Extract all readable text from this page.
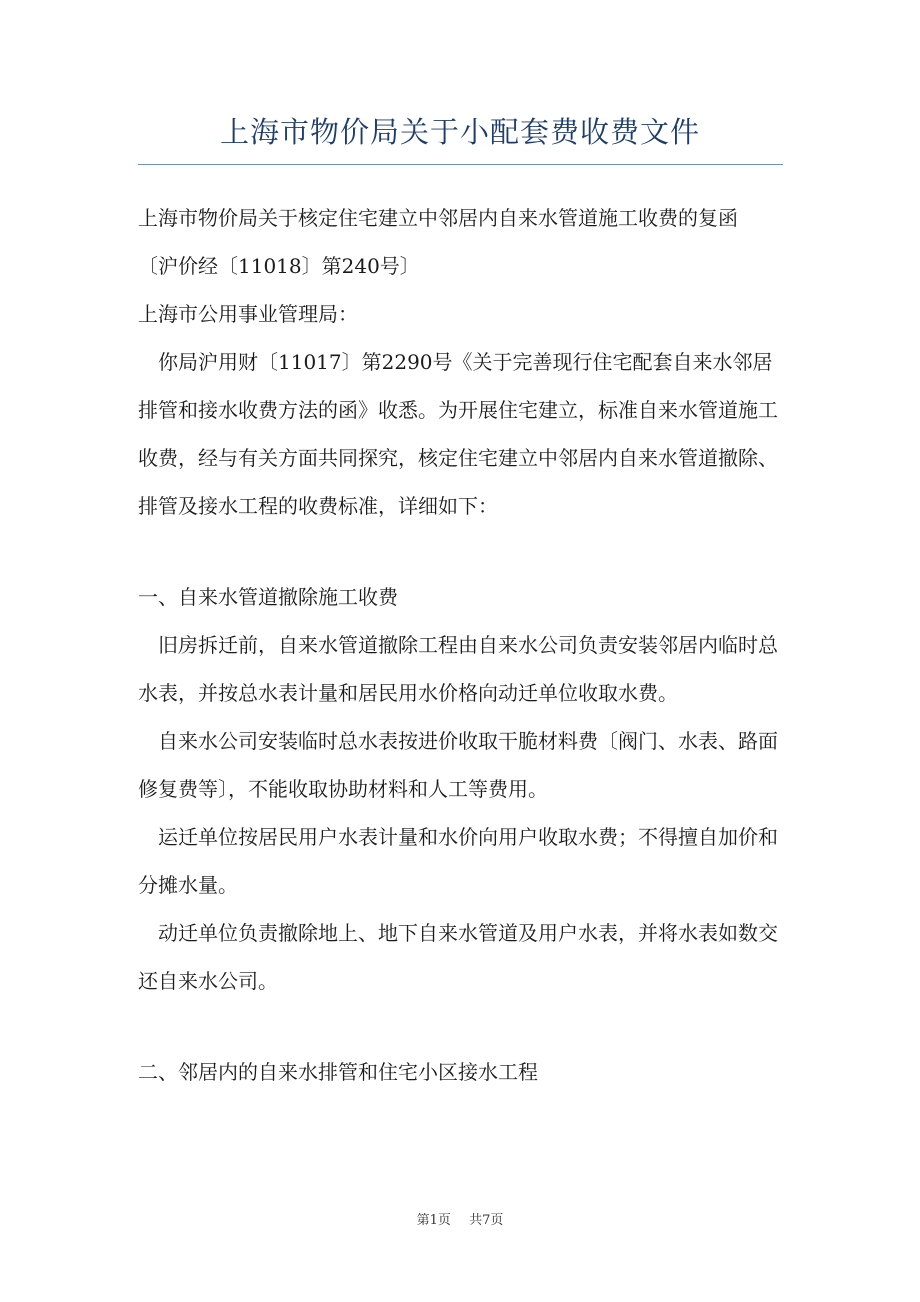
上海市物价局关于小配套费收费文件

上海市物价局关于核定住宅建立中邻居内自来水管道施工收费的复函

〔沪价经〔11018〕第240号〕

上海市公用事业管理局：

你局沪用财〔11017〕第2290号《关于完善现行住宅配套自来水邻居排管和接水收费方法的函》收悉。为开展住宅建立，标准自来水管道施工收费，经与有关方面共同探究，核定住宅建立中邻居内自来水管道撤除、排管及接水工程的收费标准，详细如下：

一、自来水管道撤除施工收费

旧房拆迁前，自来水管道撤除工程由自来水公司负责安装邻居内临时总水表，并按总水表计量和居民用水价格向动迁单位收取水费。

自来水公司安装临时总水表按进价收取干脆材料费〔阀门、水表、路面修复费等〕，不能收取协助材料和人工等费用。

运迁单位按居民用户水表计量和水价向用户收取水费；不得擅自加价和分摊水量。

动迁单位负责撤除地上、地下自来水管道及用户水表，并将水表如数交还自来水公司。

二、邻居内的自来水排管和住宅小区接水工程

第1页 共7页
